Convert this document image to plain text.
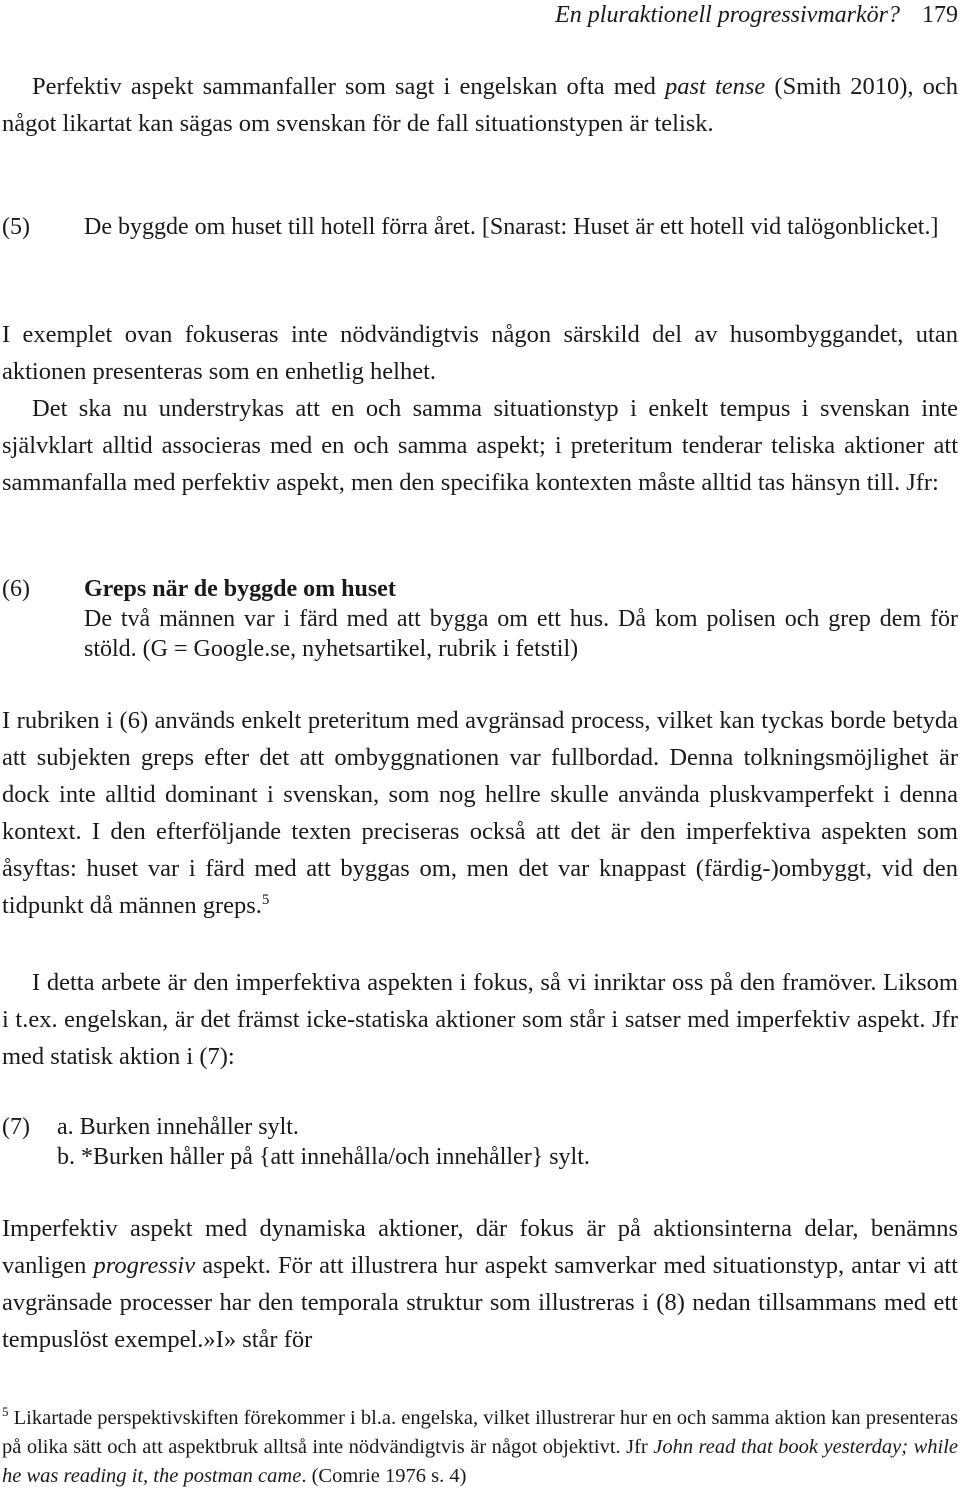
En pluraktionell progressivmarkör? 179

Perfektiv aspekt sammanfaller som sagt i engelskan ofta med past tense (Smith 2010), och något likartat kan sägas om svenskan för de fall situationstypen är telisk.

(5) De byggde om huset till hotell förra året. [Snarast: Huset är ett hotell vid talögonblicket.]

I exemplet ovan fokuseras inte nödvändigtvis någon särskild del av husombyggandet, utan aktionen presenteras som en enhetlig helhet.

Det ska nu understrykas att en och samma situationstyp i enkelt tempus i svenskan inte självklart alltid associeras med en och samma aspekt; i preteritum tenderar teliska aktioner att sammanfalla med perfektiv aspekt, men den specifika kontexten måste alltid tas hänsyn till. Jfr:

(6) Greps när de byggde om huset
De två männen var i färd med att bygga om ett hus. Då kom polisen och grep dem för stöld. (G = Google.se, nyhetsartikel, rubrik i fetstil)

I rubriken i (6) används enkelt preteritum med avgränsad process, vilket kan tyckas borde betyda att subjekten greps efter det att ombyggnationen var fullbordad. Denna tolkningsmöjlighet är dock inte alltid dominant i svenskan, som nog hellre skulle använda pluskvamperfekt i denna kontext. I den efterföljande texten preciseras också att det är den imperfektiva aspekten som åsyftas: huset var i färd med att byggas om, men det var knappast (färdig-)ombyggt, vid den tidpunkt då männen greps.$^5$

I detta arbete är den imperfektiva aspekten i fokus, så vi inriktar oss på den framöver. Liksom i t.ex. engelskan, är det främst icke-statiska aktioner som står i satser med imperfektiv aspekt. Jfr med statisk aktion i (7):

(7) a. Burken innehåller sylt.
b. *Burken håller på {att innehålla/och innehåller} sylt.

Imperfektiv aspekt med dynamiska aktioner, där fokus är på aktionsinterna delar, benämns vanligen progressiv aspekt. För att illustrera hur aspekt samverkar med situationstyp, antar vi att avgränsade processer har den temporala struktur som illustreras i (8) nedan tillsammans med ett tempuslöst exempel.»I» står för

$^5$ Likartade perspektivskiften förekommer i bl.a. engelska, vilket illustrerar hur en och samma aktion kan presenteras på olika sätt och att aspektbruk alltså inte nödvändigtvis är något objektivt. Jfr John read that book yesterday; while he was reading it, the postman came. (Comrie 1976 s. 4)
